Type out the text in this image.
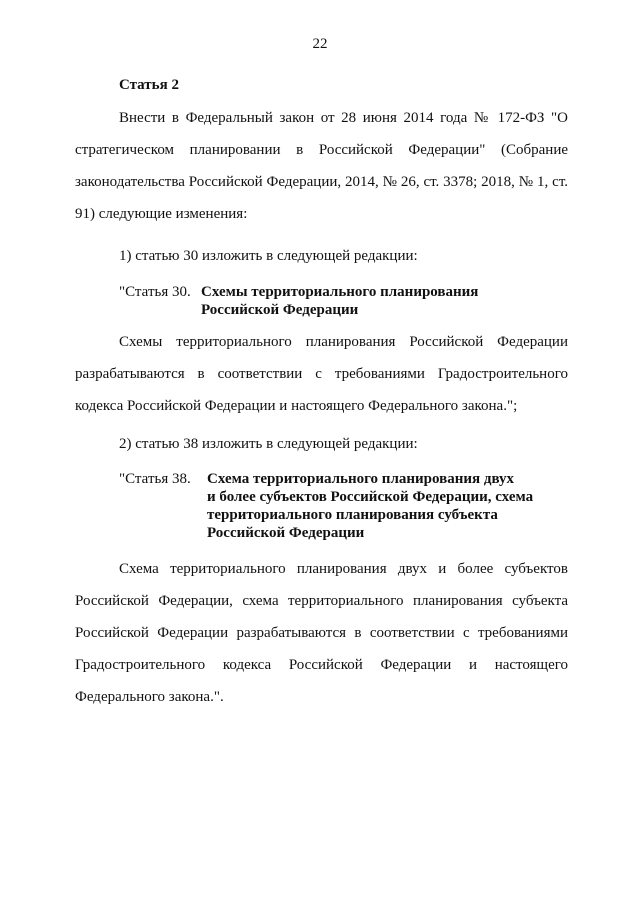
22
Статья 2

Внести в Федеральный закон от 28 июня 2014 года № 172-ФЗ "О стратегическом планировании в Российской Федерации" (Собрание законодательства Российской Федерации, 2014, № 26, ст. 3378; 2018, № 1, ст. 91) следующие изменения:

1) статью 30 изложить в следующей редакции:

"Статья 30. Схемы территориального планирования
Российской Федерации

Схемы территориального планирования Российской Федерации разрабатываются в соответствии с требованиями Градостроительного кодекса Российской Федерации и настоящего Федерального закона.";

2) статью 38 изложить в следующей редакции:

"Статья 38. Схема территориального планирования двух
и более субъектов Российской Федерации, схема
территориального планирования субъекта
Российской Федерации

Схема территориального планирования двух и более субъектов Российской Федерации, схема территориального планирования субъекта Российской Федерации разрабатываются в соответствии с требованиями Градостроительного кодекса Российской Федерации и настоящего Федерального закона.".
